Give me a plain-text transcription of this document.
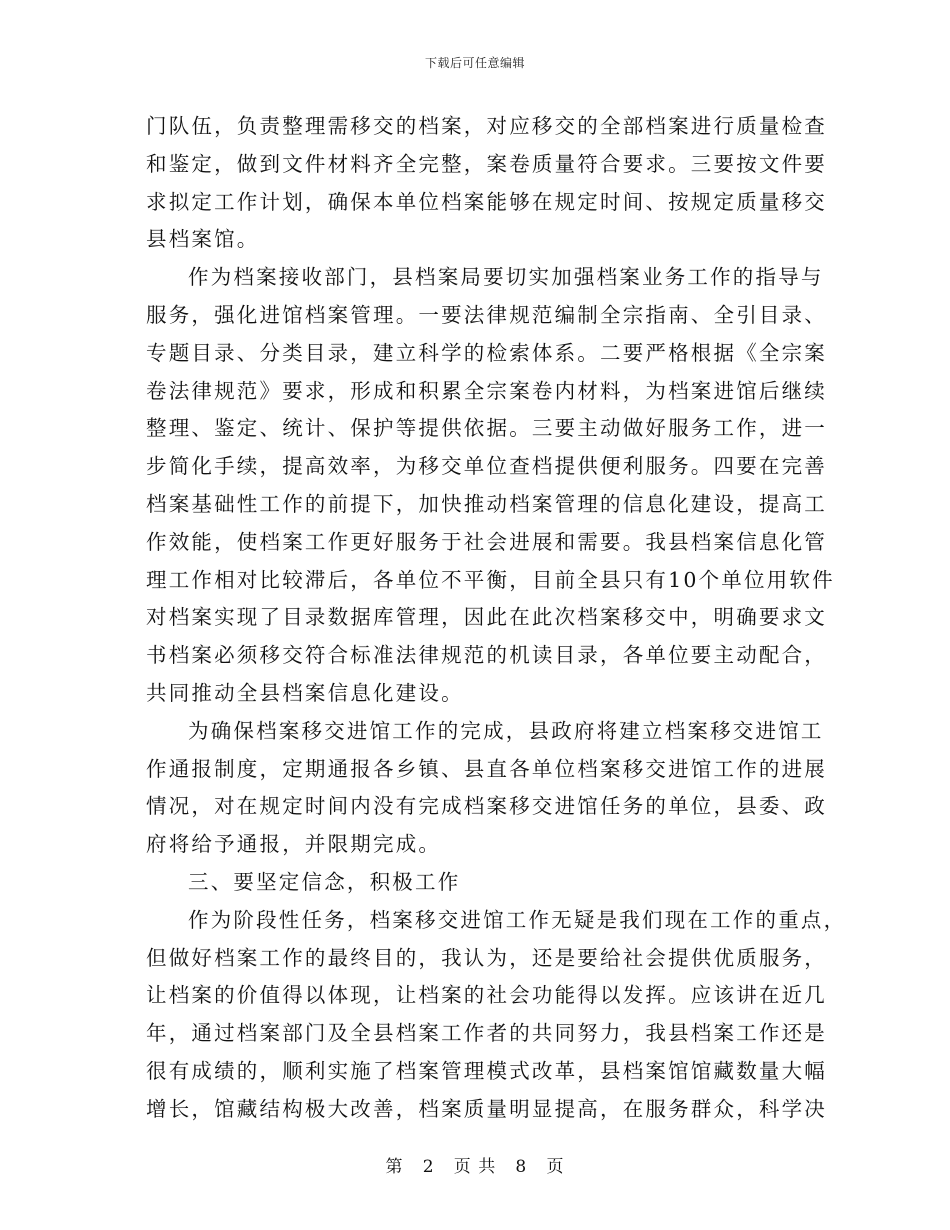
下载后可任意编辑
门队伍，负责整理需移交的档案，对应移交的全部档案进行质量检查
和鉴定，做到文件材料齐全完整，案卷质量符合要求。三要按文件要
求拟定工作计划，确保本单位档案能够在规定时间、按规定质量移交
县档案馆。
作为档案接收部门，县档案局要切实加强档案业务工作的指导与
服务，强化进馆档案管理。一要法律规范编制全宗指南、全引目录、
专题目录、分类目录，建立科学的检索体系。二要严格根据《全宗案
卷法律规范》要求，形成和积累全宗案卷内材料，为档案进馆后继续
整理、鉴定、统计、保护等提供依据。三要主动做好服务工作，进一
步简化手续，提高效率，为移交单位查档提供便利服务。四要在完善
档案基础性工作的前提下，加快推动档案管理的信息化建设，提高工
作效能，使档案工作更好服务于社会进展和需要。我县档案信息化管
理工作相对比较滞后，各单位不平衡，目前全县只有10个单位用软件
对档案实现了目录数据库管理，因此在此次档案移交中，明确要求文
书档案必须移交符合标准法律规范的机读目录，各单位要主动配合，
共同推动全县档案信息化建设。
为确保档案移交进馆工作的完成，县政府将建立档案移交进馆工
作通报制度，定期通报各乡镇、县直各单位档案移交进馆工作的进展
情况，对在规定时间内没有完成档案移交进馆任务的单位，县委、政
府将给予通报，并限期完成。
三、要坚定信念，积极工作
作为阶段性任务，档案移交进馆工作无疑是我们现在工作的重点，
但做好档案工作的最终目的，我认为，还是要给社会提供优质服务，
让档案的价值得以体现，让档案的社会功能得以发挥。应该讲在近几
年，通过档案部门及全县档案工作者的共同努力，我县档案工作还是
很有成绩的，顺利实施了档案管理模式改革，县档案馆馆藏数量大幅
增长，馆藏结构极大改善，档案质量明显提高，在服务群众，科学决
第 2 页 共 8 页
